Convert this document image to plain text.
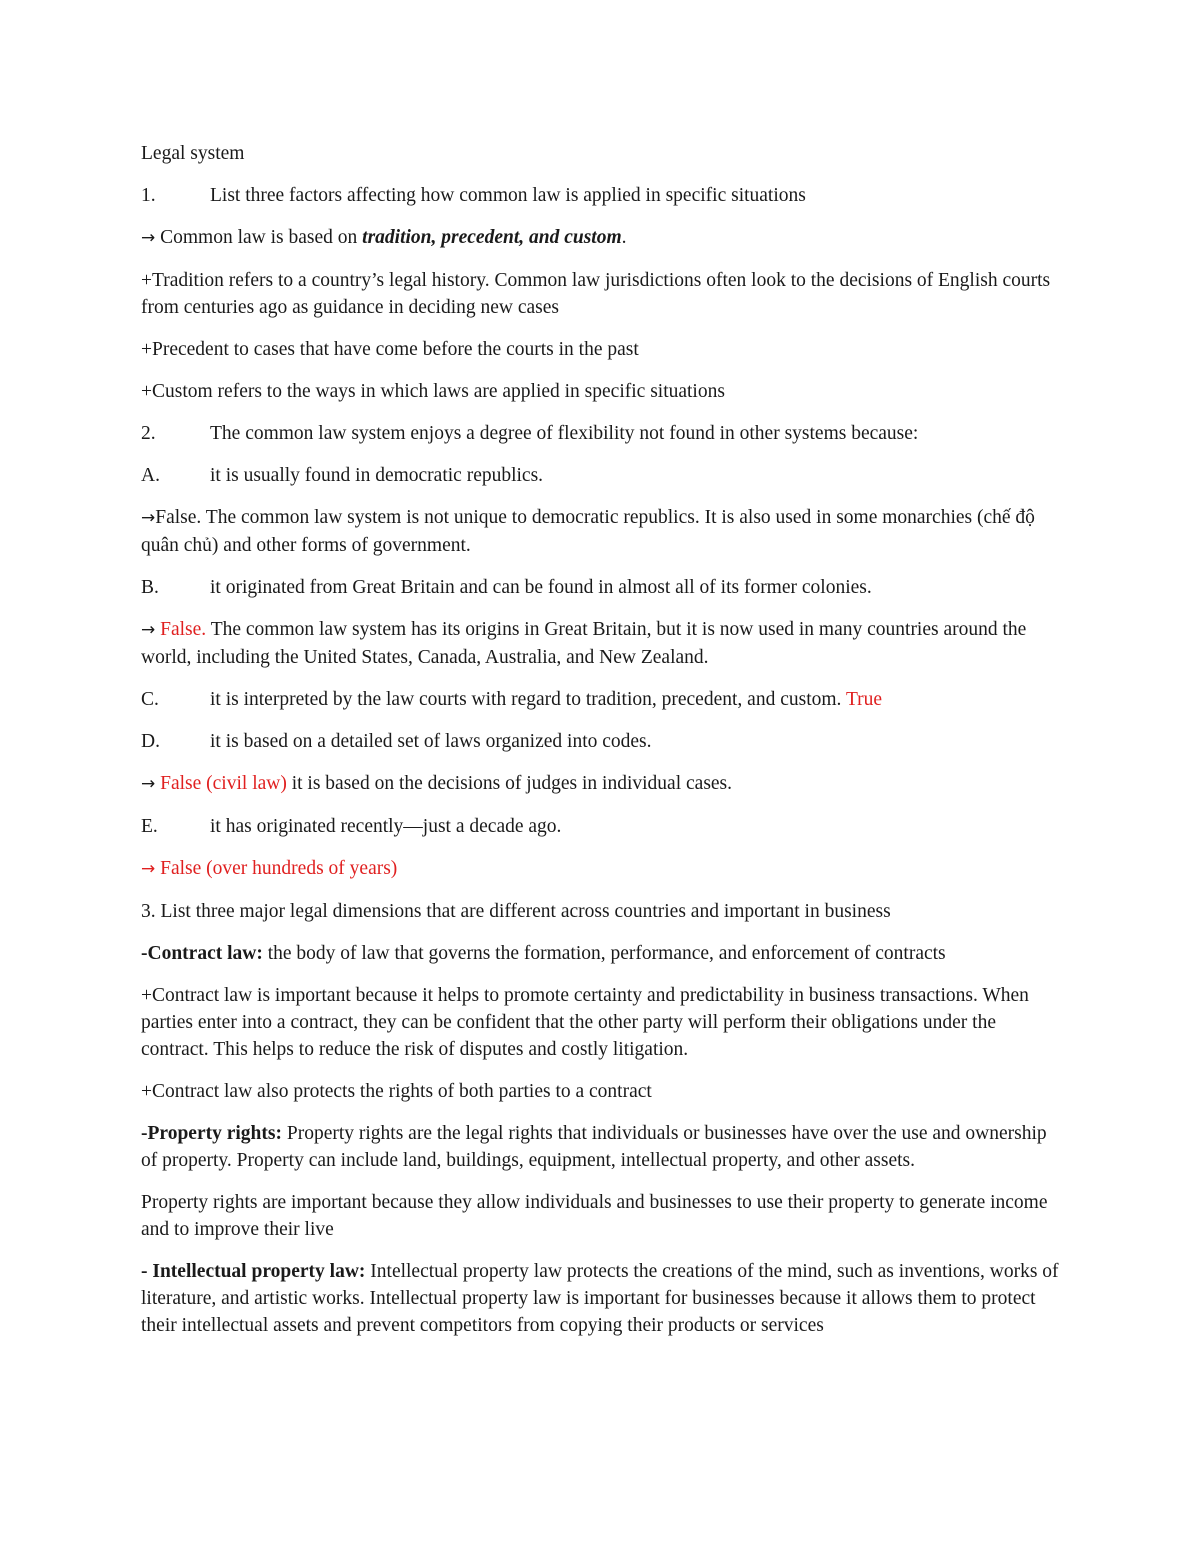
Legal system

1.	List three factors affecting how common law is applied in specific situations

→ Common law is based on tradition, precedent, and custom.

+Tradition refers to a country’s legal history. Common law jurisdictions often look to the decisions of English courts from centuries ago as guidance in deciding new cases

+Precedent to cases that have come before the courts in the past

+Custom refers to the ways in which laws are applied in specific situations

2.	The common law system enjoys a degree of flexibility not found in other systems because:

A.	it is usually found in democratic republics.

→False. The common law system is not unique to democratic republics. It is also used in some monarchies (chế độ quân chủ) and other forms of government.

B.	it originated from Great Britain and can be found in almost all of its former colonies.

→ False. The common law system has its origins in Great Britain, but it is now used in many countries around the world, including the United States, Canada, Australia, and New Zealand.

C.	it is interpreted by the law courts with regard to tradition, precedent, and custom. True

D.	it is based on a detailed set of laws organized into codes.

→ False (civil law) it is based on the decisions of judges in individual cases.

E.	it has originated recently—just a decade ago.

→ False (over hundreds of years)

3. List three major legal dimensions that are different across countries and important in business

-Contract law: the body of law that governs the formation, performance, and enforcement of contracts

+Contract law is important because it helps to promote certainty and predictability in business transactions. When parties enter into a contract, they can be confident that the other party will perform their obligations under the contract. This helps to reduce the risk of disputes and costly litigation.

+Contract law also protects the rights of both parties to a contract

-Property rights: Property rights are the legal rights that individuals or businesses have over the use and ownership of property. Property can include land, buildings, equipment, intellectual property, and other assets.

Property rights are important because they allow individuals and businesses to use their property to generate income and to improve their live

- Intellectual property law: Intellectual property law protects the creations of the mind, such as inventions, works of literature, and artistic works. Intellectual property law is important for businesses because it allows them to protect their intellectual assets and prevent competitors from copying their products or services
